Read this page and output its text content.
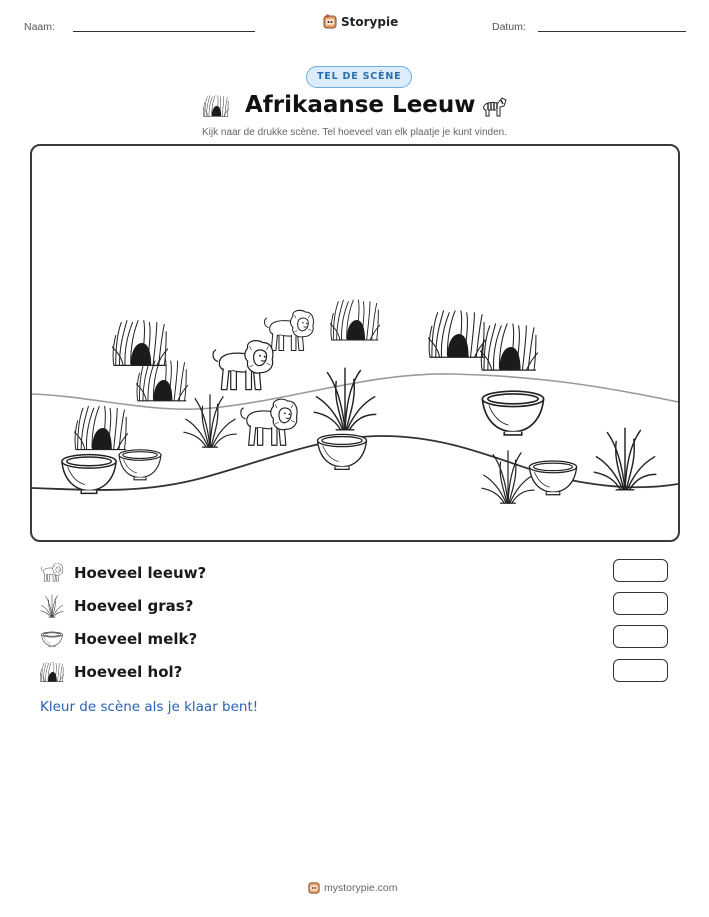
Naam:	Storypie	Datum:
TEL DE SCÈNE
Afrikaanse Leeuw
Kijk naar de drukke scène. Tel hoeveel van elk plaatje je kunt vinden.
Hoeveel leeuw?
Hoeveel gras?
Hoeveel melk?
Hoeveel hol?
Kleur de scène als je klaar bent!
mystorypie.com
